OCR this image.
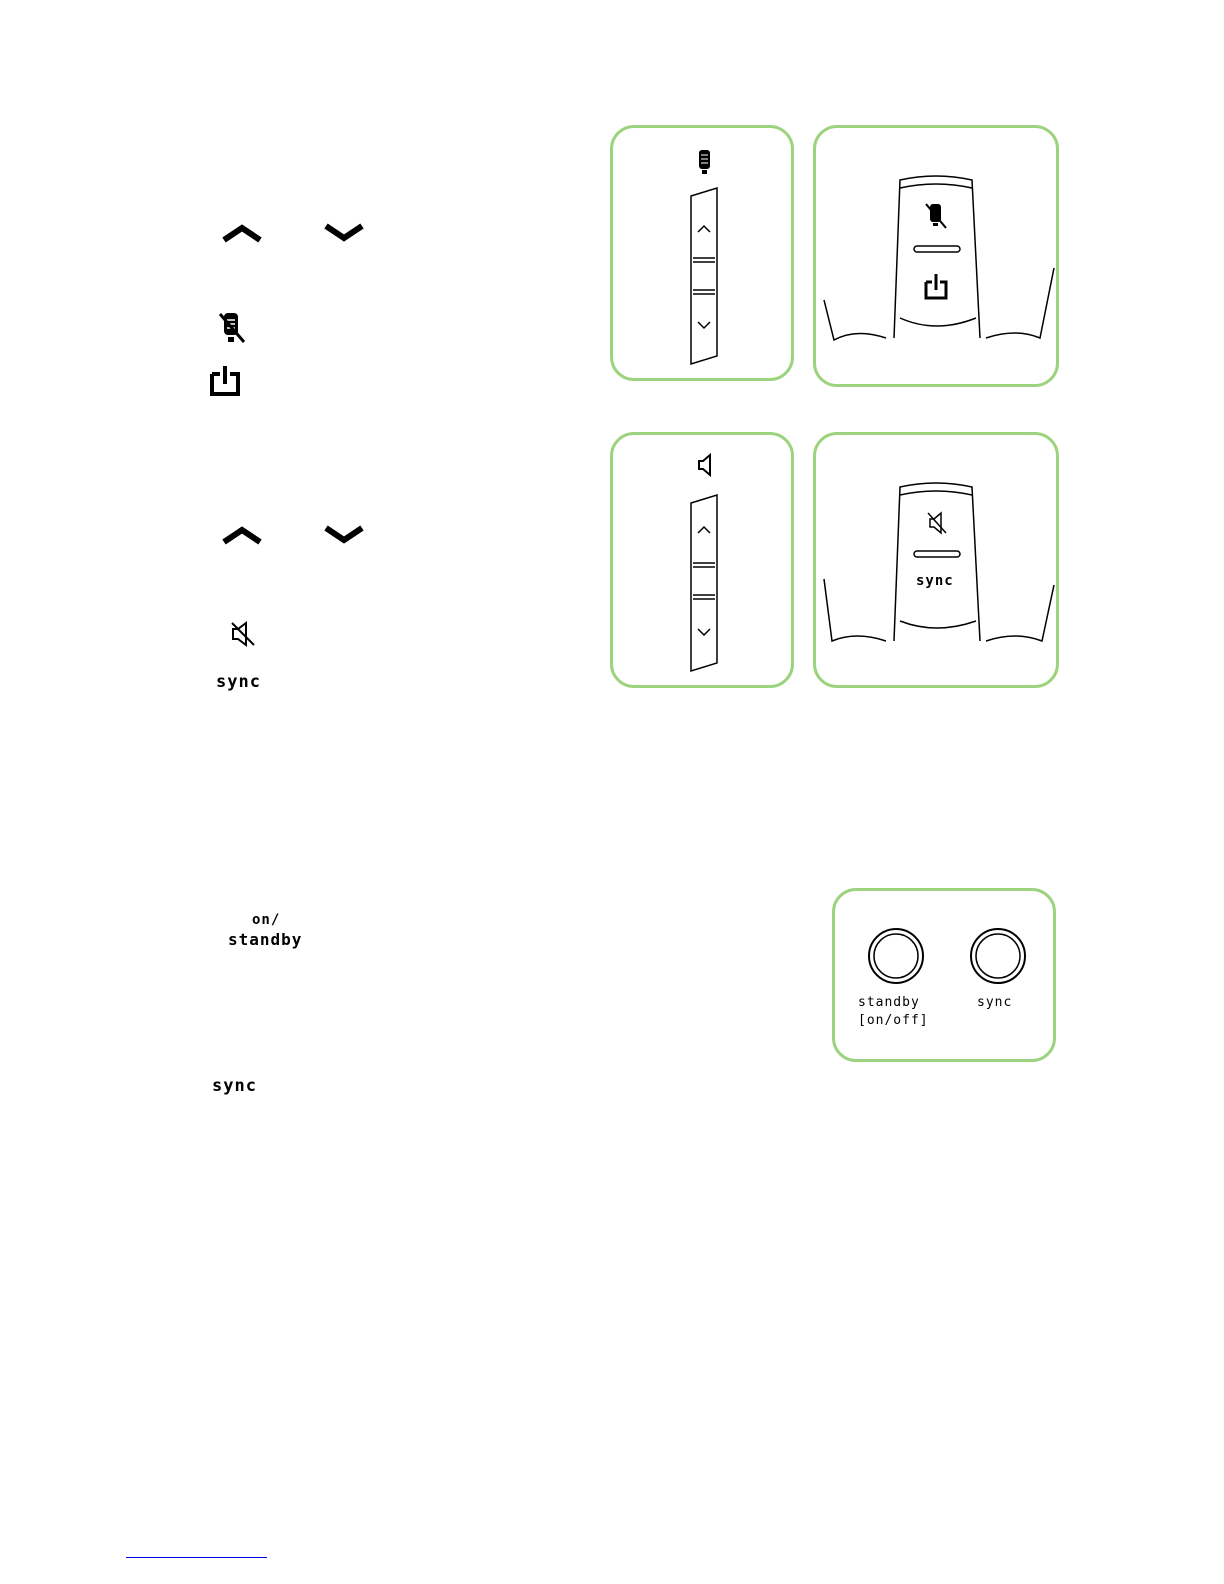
sync
on/
standby
sync
sync
standby
[on/off]
sync
